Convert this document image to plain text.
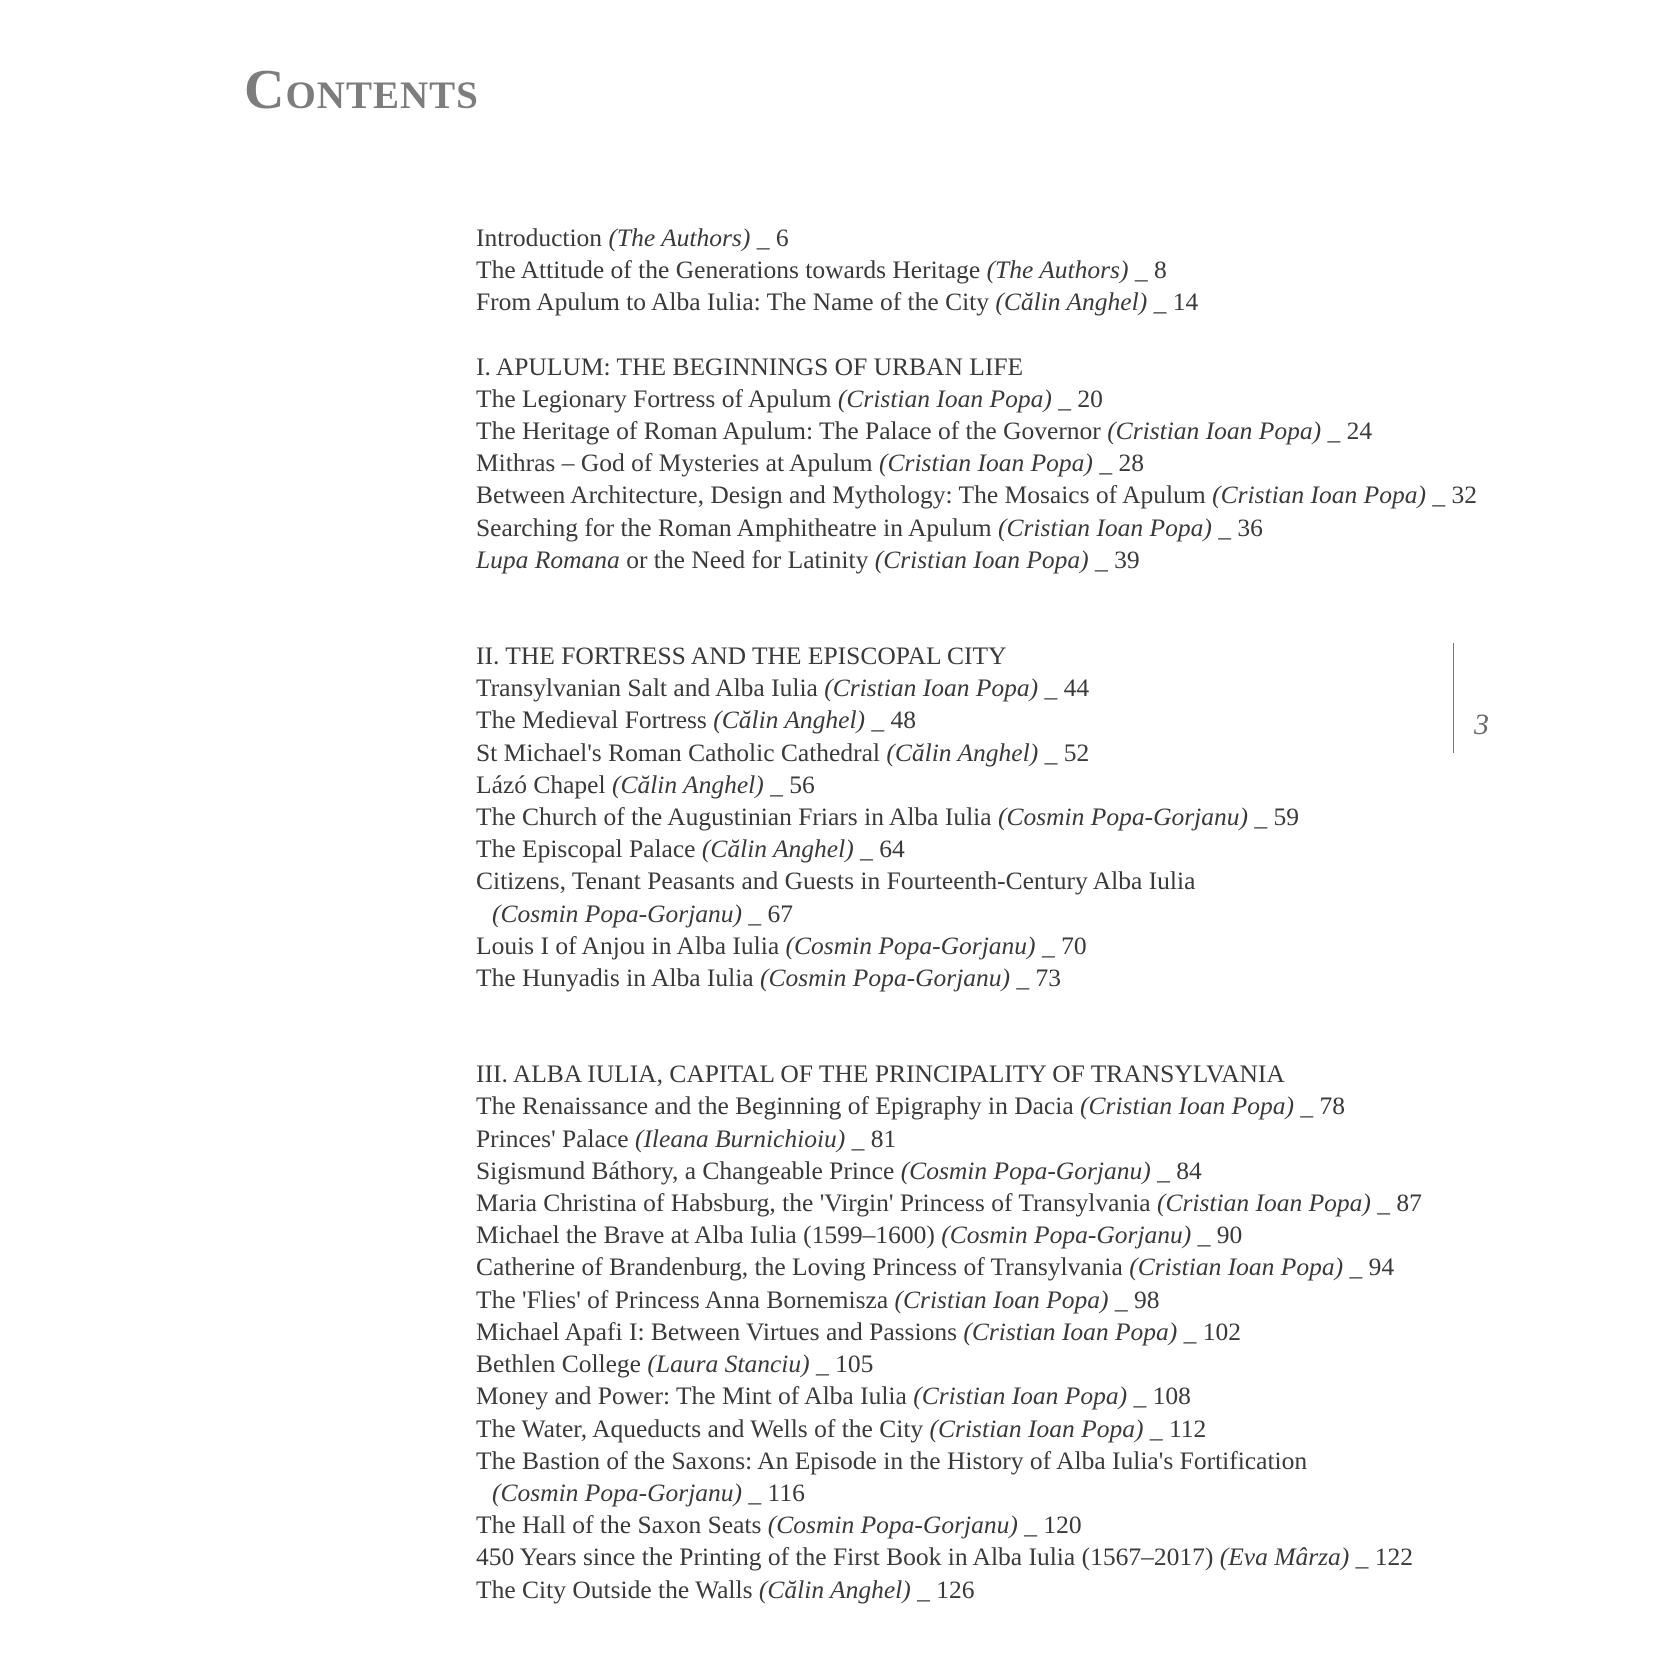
Contents
Introduction (The Authors) _ 6
The Attitude of the Generations towards Heritage (The Authors) _ 8
From Apulum to Alba Iulia: The Name of the City (Călin Anghel) _ 14
I. APULUM: THE BEGINNINGS OF URBAN LIFE
The Legionary Fortress of Apulum (Cristian Ioan Popa) _ 20
The Heritage of Roman Apulum: The Palace of the Governor (Cristian Ioan Popa) _ 24
Mithras – God of Mysteries at Apulum (Cristian Ioan Popa) _ 28
Between Architecture, Design and Mythology: The Mosaics of Apulum (Cristian Ioan Popa) _ 32
Searching for the Roman Amphitheatre in Apulum (Cristian Ioan Popa) _ 36
Lupa Romana or the Need for Latinity (Cristian Ioan Popa) _ 39
II. THE FORTRESS AND THE EPISCOPAL CITY
Transylvanian Salt and Alba Iulia (Cristian Ioan Popa) _ 44
The Medieval Fortress (Călin Anghel) _ 48
St Michael's Roman Catholic Cathedral (Călin Anghel) _ 52
Lázó Chapel (Călin Anghel) _ 56
The Church of the Augustinian Friars in Alba Iulia (Cosmin Popa-Gorjanu) _ 59
The Episcopal Palace (Călin Anghel) _ 64
Citizens, Tenant Peasants and Guests in Fourteenth-Century Alba Iulia
(Cosmin Popa-Gorjanu) _ 67
Louis I of Anjou in Alba Iulia (Cosmin Popa-Gorjanu) _ 70
The Hunyadis in Alba Iulia (Cosmin Popa-Gorjanu) _ 73
III. ALBA IULIA, CAPITAL OF THE PRINCIPALITY OF TRANSYLVANIA
The Renaissance and the Beginning of Epigraphy in Dacia (Cristian Ioan Popa) _ 78
Princes' Palace (Ileana Burnichioiu) _ 81
Sigismund Báthory, a Changeable Prince (Cosmin Popa-Gorjanu) _ 84
Maria Christina of Habsburg, the 'Virgin' Princess of Transylvania (Cristian Ioan Popa) _ 87
Michael the Brave at Alba Iulia (1599–1600) (Cosmin Popa-Gorjanu) _ 90
Catherine of Brandenburg, the Loving Princess of Transylvania (Cristian Ioan Popa) _ 94
The 'Flies' of Princess Anna Bornemisza (Cristian Ioan Popa) _ 98
Michael Apafi I: Between Virtues and Passions (Cristian Ioan Popa) _ 102
Bethlen College (Laura Stanciu) _ 105
Money and Power: The Mint of Alba Iulia (Cristian Ioan Popa) _ 108
The Water, Aqueducts and Wells of the City (Cristian Ioan Popa) _ 112
The Bastion of the Saxons: An Episode in the History of Alba Iulia's Fortification
(Cosmin Popa-Gorjanu) _ 116
The Hall of the Saxon Seats (Cosmin Popa-Gorjanu) _ 120
450 Years since the Printing of the First Book in Alba Iulia (1567–2017) (Eva Mârza) _ 122
The City Outside the Walls (Călin Anghel) _ 126
3
